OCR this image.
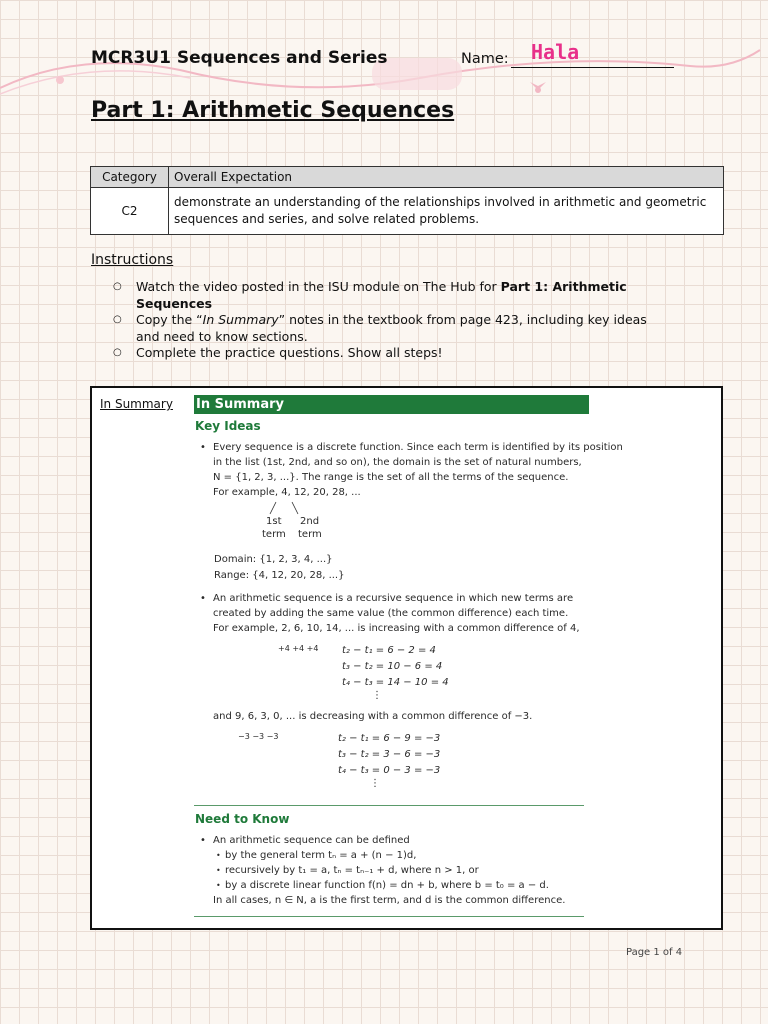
MCR3U1 Sequences and Series	Name: Hala
Part 1: Arithmetic Sequences
Category	Overall Expectation
C2	demonstrate an understanding of the relationships involved in arithmetic and geometric
sequences and series, and solve related problems.
Instructions
○ Watch the video posted in the ISU module on The Hub for Part 1: Arithmetic
Sequences
○ Copy the “In Summary” notes in the textbook from page 423, including key ideas
and need to know sections.
○ Complete the practice questions. Show all steps!
In Summary In Summary
Key Ideas
• Every sequence is a discrete function. Since each term is identified by its position
in the list (1st, 2nd, and so on), the domain is the set of natural numbers,
N = {1, 2, 3, ...}. The range is the set of all the terms of the sequence.
For example, 4, 12, 20, 28, ...
1st
term
2nd
term
Domain: {1, 2, 3, 4, ...}
Range: {4, 12, 20, 28, ...}
• An arithmetic sequence is a recursive sequence in which new terms are
created by adding the same value (the common difference) each time.
For example, 2, 6, 10, 14, ... is increasing with a common difference of 4,
+4 +4 +4 t₂ − t₁ = 6 − 2 = 4
t₃ − t₂ = 10 − 6 = 4
t₄ − t₃ = 14 − 10 = 4
⋮
and 9, 6, 3, 0, ... is decreasing with a common difference of −3.
−3 −3 −3	t₂ − t₁ = 6 − 9 = −3
t₃ − t₂ = 3 − 6 = −3
t₄ − t₃ = 0 − 3 = −3
⋮
Need to Know
• An arithmetic sequence can be defined
• by the general term tₙ = a + (n − 1)d,
• recursively by t₁ = a, tₙ = tₙ₋₁ + d, where n > 1, or
• by a discrete linear function f(n) = dn + b, where b = t₀ = a − d.
In all cases, n ∈ N, a is the first term, and d is the common difference.
Page 1 of 4
